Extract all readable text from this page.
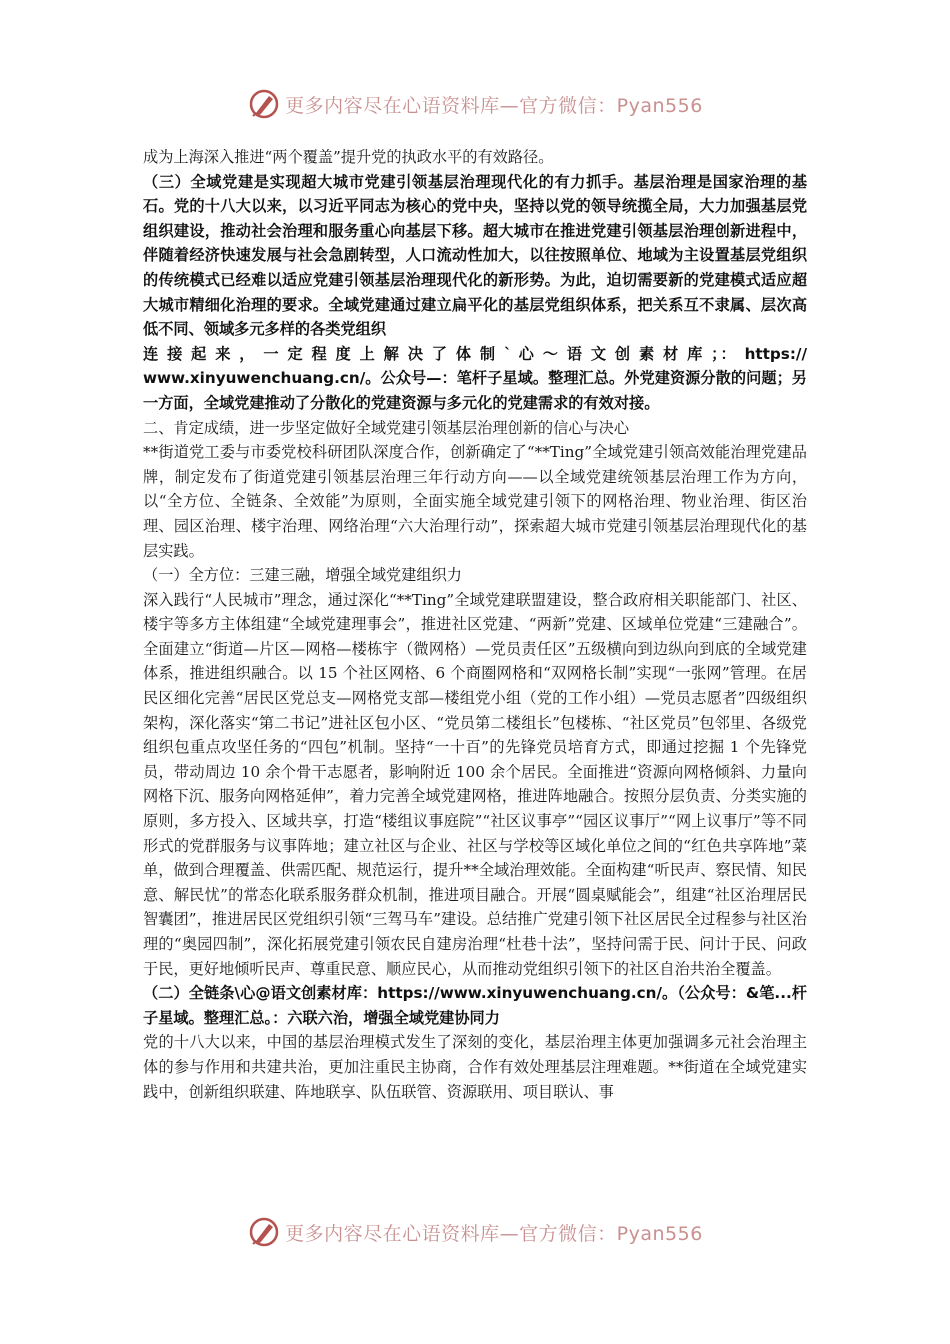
更多内容尽在心语资料库—官方微信：Pyan556

成为上海深入推进“两个覆盖”提升党的执政水平的有效路径。

（三）全域党建是实现超大城市党建引领基层治理现代化的有力抓手。基层治理是国家治理的基石。党的十八大以来，以习近平同志为核心的党中央，坚持以党的领导统揽全局，大力加强基层党组织建设，推动社会治理和服务重心向基层下移。超大城市在推进党建引领基层治理创新进程中，伴随着经济快速发展与社会急剧转型，人口流动性加大，以往按照单位、地域为主设置基层党组织的传统模式已经难以适应党建引领基层治理现代化的新形势。为此，迫切需要新的党建模式适应超大城市精细化治理的要求。全域党建通过建立扁平化的基层党组织体系，把关系互不隶属、层次高低不同、领域多元多样的各类党组织

连 接 起 来 ， 一 定 程 度 上 解 决 了 体 制 ` 心 ～ 语 文 创 素 材 库 ；： https://

www.xinyuwenchuang.cn/。公众号—：笔杆子星域。整理汇总。外党建资源分散的问题；另一方面，全域党建推动了分散化的党建资源与多元化的党建需求的有效对接。

二、肯定成绩，进一步坚定做好全域党建引领基层治理创新的信心与决心

**街道党工委与市委党校科研团队深度合作，创新确定了“**Ting”全域党建引领高效能治理党建品牌，制定发布了街道党建引领基层治理三年行动方向——以全域党建统领基层治理工作为方向，以“全方位、全链条、全效能”为原则，全面实施全域党建引领下的网格治理、物业治理、街区治理、园区治理、楼宇治理、网络治理“六大治理行动”，探索超大城市党建引领基层治理现代化的基层实践。

（一）全方位：三建三融，增强全域党建组织力

深入践行“人民城市”理念，通过深化“**Ting”全域党建联盟建设，整合政府相关职能部门、社区、楼宇等多方主体组建“全域党建理事会”，推进社区党建、“两新”党建、区域单位党建“三建融合”。全面建立“街道—片区—网格—楼栋宇（微网格）—党员责任区”五级横向到边纵向到底的全域党建体系，推进组织融合。以 15 个社区网格、6 个商圈网格和“双网格长制”实现“一张网”管理。在居民区细化完善“居民区党总支—网格党支部—楼组党小组（党的工作小组）—党员志愿者”四级组织架构，深化落实“第二书记”进社区包小区、“党员第二楼组长”包楼栋、“社区党员”包邻里、各级党组织包重点攻坚任务的“四包”机制。坚持“一十百”的先锋党员培育方式，即通过挖掘 1 个先锋党员，带动周边 10 余个骨干志愿者，影响附近 100 余个居民。全面推进“资源向网格倾斜、力量向网格下沉、服务向网格延伸”，着力完善全域党建网格，推进阵地融合。按照分层负责、分类实施的原则，多方投入、区域共享，打造“楼组议事庭院”“社区议事亭”“园区议事厅”“网上议事厅”等不同形式的党群服务与议事阵地；建立社区与企业、社区与学校等区域化单位之间的“红色共享阵地”菜单，做到合理覆盖、供需匹配、规范运行，提升**全域治理效能。全面构建“听民声、察民情、知民意、解民忧”的常态化联系服务群众机制，推进项目融合。开展“圆桌赋能会”，组建“社区治理居民智囊团”，推进居民区党组织引领“三驾马车”建设。总结推广党建引领下社区居民全过程参与社区治理的“奥园四制”，深化拓展党建引领农民自建房治理“杜巷十法”，坚持问需于民、问计于民、问政于民，更好地倾听民声、尊重民意、顺应民心，从而推动党组织引领下的社区自治共治全覆盖。

（二）全链条\心@语文创素材库：https://www.xinyuwenchuang.cn/。（公众号：&笔...杆子星域。整理汇总。：六联六治，增强全域党建协同力

党的十八大以来，中国的基层治理模式发生了深刻的变化，基层治理主体更加强调多元社会治理主体的参与作用和共建共治，更加注重民主协商，合作有效处理基层注理难题。**街道在全域党建实践中，创新组织联建、阵地联享、队伍联管、资源联用、项目联认、事

更多内容尽在心语资料库—官方微信：Pyan556
